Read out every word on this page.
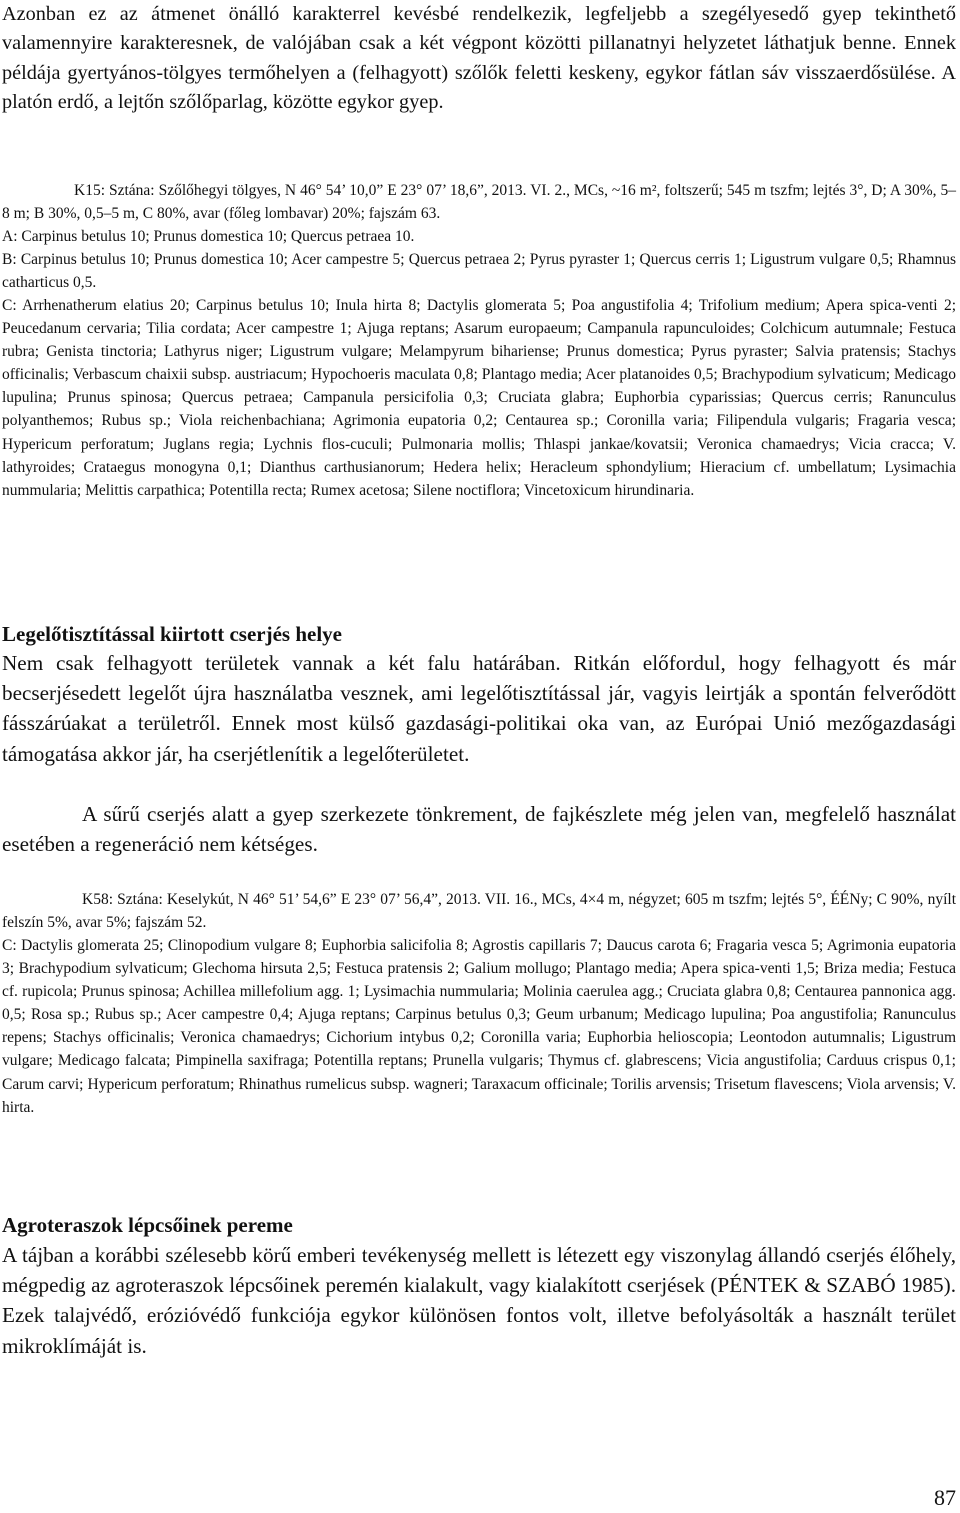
Azonban ez az átmenet önálló karakterrel kevésbé rendelkezik, legfeljebb a szegélyesedő gyep tekinthető valamennyire karakteresnek, de valójában csak a két végpont közötti pillanatnyi helyzetet láthatjuk benne. Ennek példája gyertyános-tölgyes termőhelyen a (felhagyott) szőlők feletti keskeny, egykor fátlan sáv visszaerdősülése. A platón erdő, a lejtőn szőlőparlag, közötte egykor gyep.

K15: Sztána: Szőlőhegyi tölgyes, N 46° 54’ 10,0” E 23° 07’ 18,6”, 2013. VI. 2., MCs, ~16 m², foltszerű; 545 m tszfm; lejtés 3°, D; A 30%, 5–8 m; B 30%, 0,5–5 m, C 80%, avar (főleg lombavar) 20%; fajszám 63.

A: Carpinus betulus 10; Prunus domestica 10; Quercus petraea 10.

B: Carpinus betulus 10; Prunus domestica 10; Acer campestre 5; Quercus petraea 2; Pyrus pyraster 1; Quercus cerris 1; Ligustrum vulgare 0,5; Rhamnus catharticus 0,5.

C: Arrhenatherum elatius 20; Carpinus betulus 10; Inula hirta 8; Dactylis glomerata 5; Poa angustifolia 4; Trifolium medium; Apera spica-venti 2; Peucedanum cervaria; Tilia cordata; Acer campestre 1; Ajuga reptans; Asarum europaeum; Campanula rapunculoides; Colchicum autumnale; Festuca rubra; Genista tinctoria; Lathyrus niger; Ligustrum vulgare; Melampyrum bihariense; Prunus domestica; Pyrus pyraster; Salvia pratensis; Stachys officinalis; Verbascum chaixii subsp. austriacum; Hypochoeris maculata 0,8; Plantago media; Acer platanoides 0,5; Brachypodium sylvaticum; Medicago lupulina; Prunus spinosa; Quercus petraea; Campanula persicifolia 0,3; Cruciata glabra; Euphorbia cyparissias; Quercus cerris; Ranunculus polyanthemos; Rubus sp.; Viola reichenbachiana; Agrimonia eupatoria 0,2; Centaurea sp.; Coronilla varia; Filipendula vulgaris; Fragaria vesca; Hypericum perforatum; Juglans regia; Lychnis flos-cuculi; Pulmonaria mollis; Thlaspi jankae/kovatsii; Veronica chamaedrys; Vicia cracca; V. lathyroides; Crataegus monogyna 0,1; Dianthus carthusianorum; Hedera helix; Heracleum sphondylium; Hieracium cf. umbellatum; Lysimachia nummularia; Melittis carpathica; Potentilla recta; Rumex acetosa; Silene noctiflora; Vincetoxicum hirundinaria.

Legelőtisztítással kiirtott cserjés helye

Nem csak felhagyott területek vannak a két falu határában. Ritkán előfordul, hogy felhagyott és már becserjésedett legelőt újra használatba vesznek, ami legelőtisztítással jár, vagyis leirtják a spontán felverődött fásszárúakat a területről. Ennek most külső gazdasági-politikai oka van, az Európai Unió mezőgazdasági támogatása akkor jár, ha cserjétlenítik a legelőterületet.

A sűrű cserjés alatt a gyep szerkezete tönkrement, de fajkészlete még jelen van, megfelelő használat esetében a regeneráció nem kétséges.

K58: Sztána: Keselykút, N 46° 51’ 54,6” E 23° 07’ 56,4”, 2013. VII. 16., MCs, 4×4 m, négyzet; 605 m tszfm; lejtés 5°, ÉÉNy; C 90%, nyílt felszín 5%, avar 5%; fajszám 52.

C: Dactylis glomerata 25; Clinopodium vulgare 8; Euphorbia salicifolia 8; Agrostis capillaris 7; Daucus carota 6; Fragaria vesca 5; Agrimonia eupatoria 3; Brachypodium sylvaticum; Glechoma hirsuta 2,5; Festuca pratensis 2; Galium mollugo; Plantago media; Apera spica-venti 1,5; Briza media; Festuca cf. rupicola; Prunus spinosa; Achillea millefolium agg. 1; Lysimachia nummularia; Molinia caerulea agg.; Cruciata glabra 0,8; Centaurea pannonica agg. 0,5; Rosa sp.; Rubus sp.; Acer campestre 0,4; Ajuga reptans; Carpinus betulus 0,3; Geum urbanum; Medicago lupulina; Poa angustifolia; Ranunculus repens; Stachys officinalis; Veronica chamaedrys; Cichorium intybus 0,2; Coronilla varia; Euphorbia helioscopia; Leontodon autumnalis; Ligustrum vulgare; Medicago falcata; Pimpinella saxifraga; Potentilla reptans; Prunella vulgaris; Thymus cf. glabrescens; Vicia angustifolia; Carduus crispus 0,1; Carum carvi; Hypericum perforatum; Rhinathus rumelicus subsp. wagneri; Taraxacum officinale; Torilis arvensis; Trisetum flavescens; Viola arvensis; V. hirta.

Agroteraszok lépcsőinek pereme

A tájban a korábbi szélesebb körű emberi tevékenység mellett is létezett egy viszonylag állandó cserjés élőhely, mégpedig az agroteraszok lépcsőinek peremén kialakult, vagy kialakított cserjések (PÉNTEK & SZABÓ 1985). Ezek talajvédő, erózióvédő funkciója egykor különösen fontos volt, illetve befolyásolták a használt terület mikroklímáját is.

87
